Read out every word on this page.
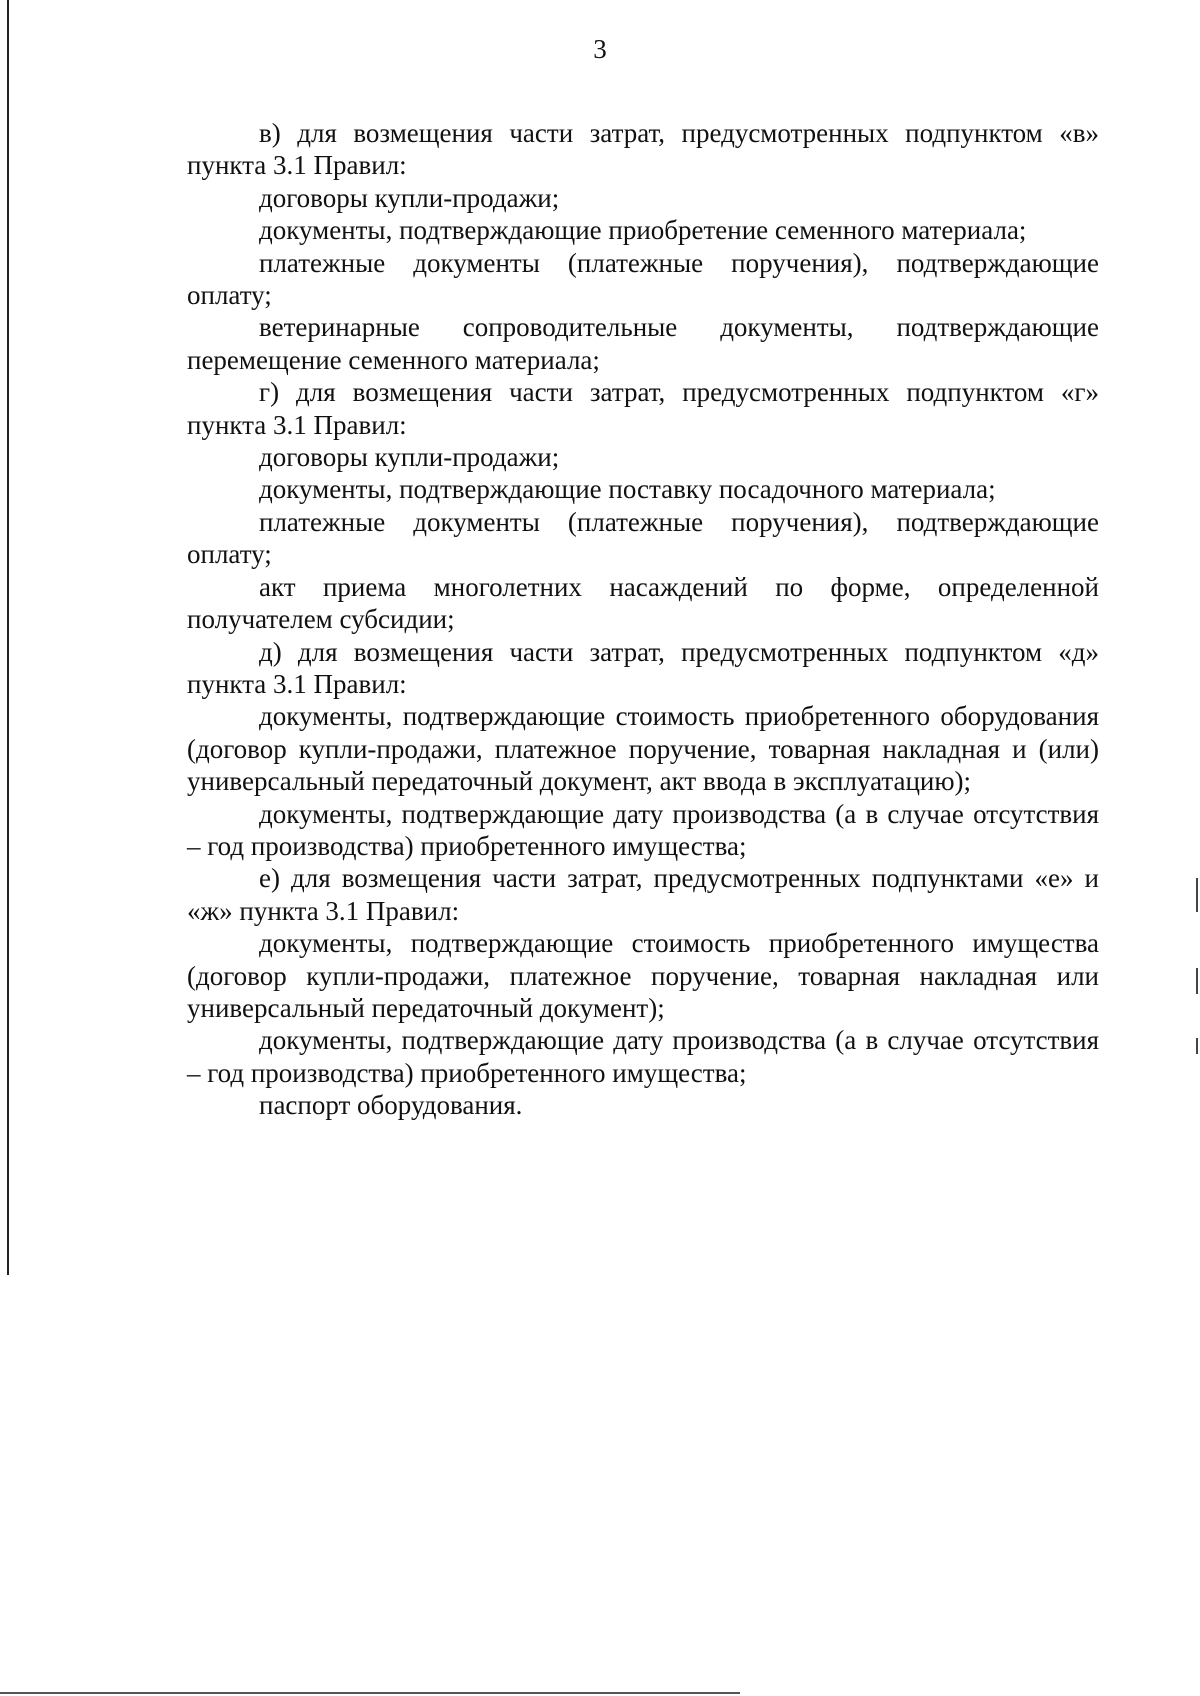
3

в) для возмещения части затрат, предусмотренных подпунктом «в» пункта 3.1 Правил:

договоры купли-продажи;

документы, подтверждающие приобретение семенного материала;

платежные документы (платежные поручения), подтверждающие оплату;

ветеринарные сопроводительные документы, подтверждающие перемещение семенного материала;

г) для возмещения части затрат, предусмотренных подпунктом «г» пункта 3.1 Правил:

договоры купли-продажи;

документы, подтверждающие поставку посадочного материала;

платежные документы (платежные поручения), подтверждающие оплату;

акт приема многолетних насаждений по форме, определенной получателем субсидии;

д) для возмещения части затрат, предусмотренных подпунктом «д» пункта 3.1 Правил:

документы, подтверждающие стоимость приобретенного оборудования (договор купли-продажи, платежное поручение, товарная накладная и (или) универсальный передаточный документ, акт ввода в эксплуатацию);

документы, подтверждающие дату производства (а в случае отсутствия – год производства) приобретенного имущества;

е) для возмещения части затрат, предусмотренных подпунктами «е» и «ж» пункта 3.1 Правил:

документы, подтверждающие стоимость приобретенного имущества (договор купли-продажи, платежное поручение, товарная накладная или универсальный передаточный документ);

документы, подтверждающие дату производства (а в случае отсутствия – год производства) приобретенного имущества;

паспорт оборудования.
